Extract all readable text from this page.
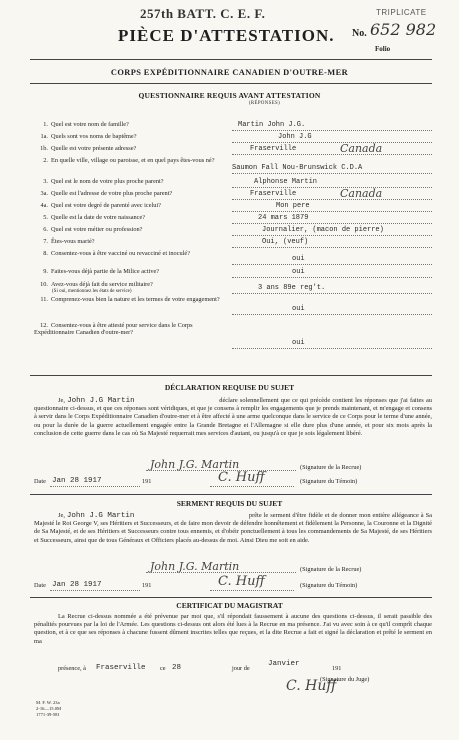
257th BATT. C. E. F.	TRIPLICATE
No. 652 982
Folio
PIÈCE D'ATTESTATION.
CORPS EXPÉDITIONNAIRE CANADIEN D'OUTRE-MER
QUESTIONNAIRE REQUIS AVANT ATTESTATION
(RÉPONSES)
1. Quel est votre nom de famille?	Martin John J.G.
1a. Quels sont vos noms de baptême?	John J.G
1b. Quelle est votre présente adresse?	Fraserville	Canada
2. En quelle ville, village ou paroisse, et en quel pays êtes-vous né?
Saumon Fall Nou-Brunswick C.D.A
3. Quel est le nom de votre plus proche parent?	Alphonse Martin
3a. Quelle est l'adresse de votre plus proche parent?	Fraserville	Canada
4a. Quel est votre degré de parenté avec icelui?	Mon pere
5. Quelle est la date de votre naissance?	24 mars 1879
6. Quel est votre métier ou profession?	Journalier, (macon de pierre)
7. Êtes-vous marié?	Oui, (veuf)
8. Consentez-vous à être vacciné ou revacciné et inoculé?
oui
9. Faites-vous déjà partie de la Milice active?	oui
10. Avez-vous déjà fait du service militaire?	3 ans 89e reg't.
11. Comprenez-vous bien la nature et les termes de votre engagement?
oui
12. Consentez-vous à être attesté pour service dans le Corps Expéditionnaire Canadien d'outre-mer?
oui
(Si oui, mentionnez les états de service)
DÉCLARATION REQUISE DU SUJET
Je, John J.G Martin	déclare solennellement que ce qui précède contient les réponses que j'ai faites au questionnaire ci-dessus, et que ces réponses sont véridiques, et que je consens à remplir les engagements que je prends maintenant, et m'engage et consens à servir dans le Corps Expéditionnaire Canadien d'outre-mer et à être affecté à une arme quelconque dans le service de ce Corps pour le terme d'une année, ou pour la durée de la guerre actuellement engagée entre la Grande Bretagne et l'Allemagne si elle dure plus d'une année, et pour six mois après la conclusion de cette guerre dans le cas où Sa Majesté requerrait mes services d'autant, ou jusqu'à ce que je sois légalement libéré.
John J.G. Martin	(Signature de la Recrue)
Date Jan 28 1917	191	C. Huff	(Signature du Témoin)
SERMENT REQUIS DU SUJET
Je, John J.G Martin	prête le serment d'être fidèle et de donner mon entière allégeance à Sa Majesté le Roi George V, ses Héritiers et Successeurs, et de faire mon devoir de défendre honnêtement et fidèlement la Personne, la Couronne et la Dignité de Sa Majesté, et de ses Héritiers et Successeurs contre tous ennemis, et d'obéir ponctuellement à tous les commandements de Sa Majesté, de ses Héritiers et Successeurs, ainsi que de tous Généraux et Officiers placés au-dessus de moi. Ainsi Dieu me soit en aide.
John J.G. Martin	(Signature de la Recrue)
Date Jan 28 1917	191	C. Huff	(Signature du Témoin)
CERTIFICAT DU MAGISTRAT
La Recrue ci-dessus nommée a été prévenue par moi que, s'il répondait faussement à aucune des questions ci-dessus, il serait passible des pénalités pourvues par la loi de l'Armée. Les questions ci-dessus ont alors été lues à la Recrue en ma présence. J'ai vu avec soin à ce qu'il comprît chaque question, et à ce que ses réponses à chacune fussent dûment inscrites telles que reçues, et la dite Recrue a fait et signé la déclaration et prêté le serment en ma
présence, à Fraserville ce 28	jour de
Janvier
191
C. Huff
(Signature du Juge)
M. F. W. 23a
2-16—15.0M
1771-39-581
